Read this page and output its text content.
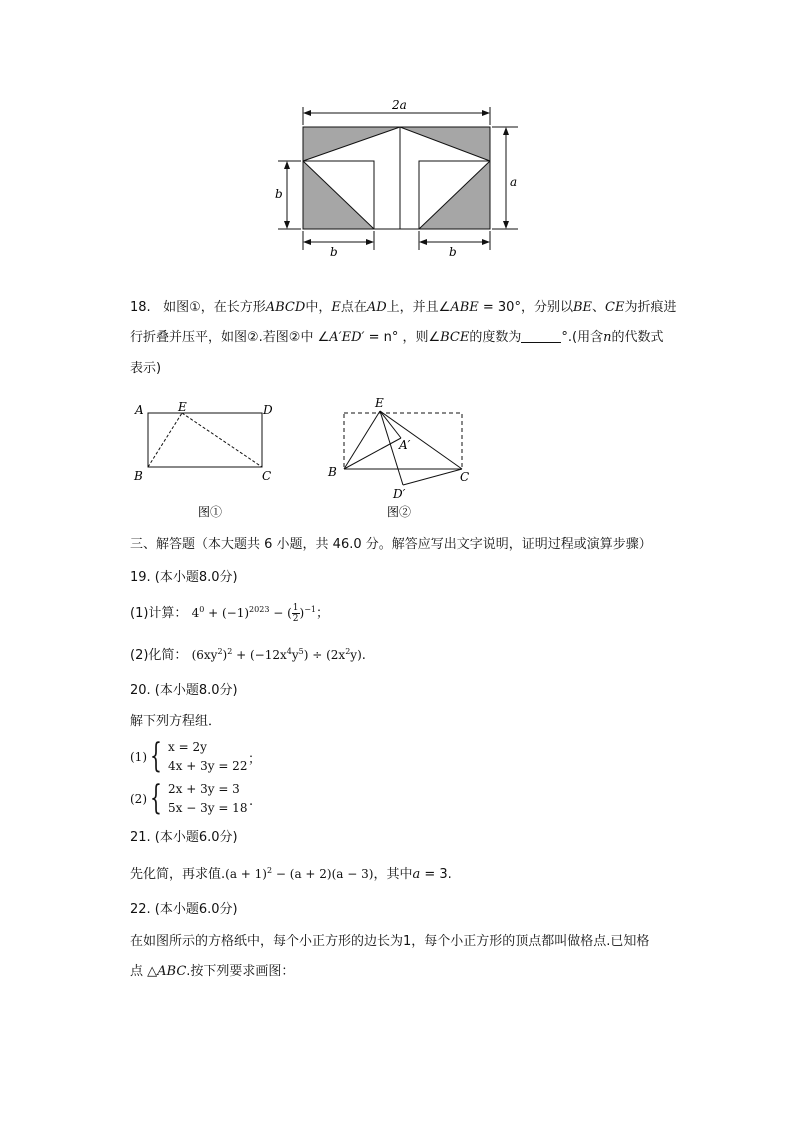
2a
a
b
b	b
18. 如图①，在长方形ABCD中，E点在AD上，并且∠ABE = 30°，分别以BE、CE为折痕进
行折叠并压平，如图②.若图②中 ∠A′ED′ = n° ，则∠BCE的度数为	°.(用含n的代数式
表示)
A	E	D
B	C
图①
E
A′
B	C
D′
图②
三、解答题（本大题共 6 小题，共 46.0 分。解答应写出文字说明，证明过程或演算步骤）
19. (本小题8.0分)
(1)计算： $4^0 + (-1)^{2023}$ − ( $\frac{1}{2} )^{-1}$；
(2)化简： $(6xy^2)^2 + (-12x^4y^5) \div (2x^2y)$.
20. (本小题8.0分)
解下列方程组．
(1) { x = 2y
4x + 3y = 22 ；
(2) { 2x + 3y = 3
5x − 3y = 18 .
21. (本小题6.0分)
先化简，再求值$.(a + 1)^2 - (a + 2)(a - 3)$，其中a = 3.
22. (本小题6.0分)
在如图所示的方格纸中，每个小正方形的边长为1，每个小正方形的顶点都叫做格点.已知格
点 △ABC.按下列要求画图：
